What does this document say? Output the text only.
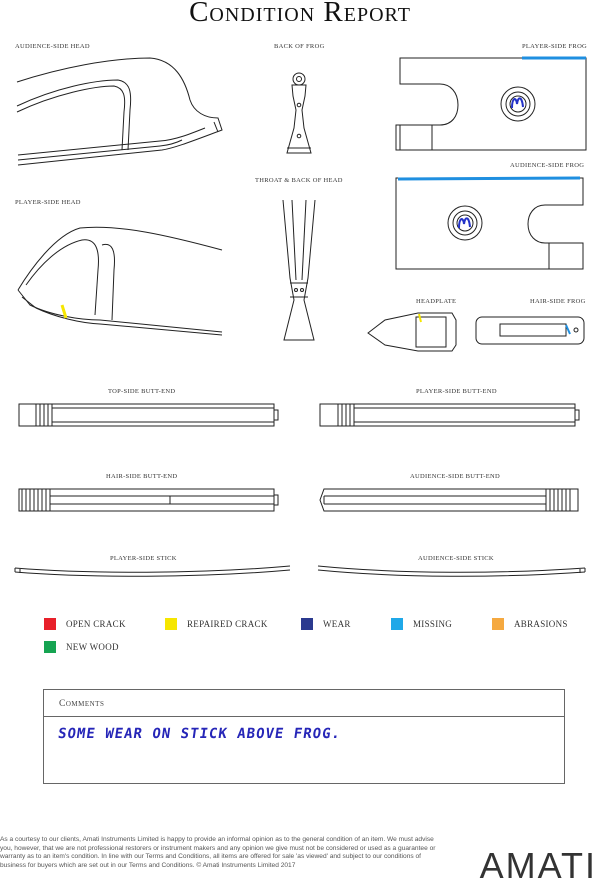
Condition Report
AUDIENCE-SIDE HEAD	BACK OF FROG	PLAYER-SIDE FROG
AUDIENCE-SIDE FROG
THROAT & BACK OF HEAD
PLAYER-SIDE HEAD
HEADPLATE	HAIR-SIDE FROG
TOP-SIDE BUTT-END	PLAYER-SIDE BUTT-END
HAIR-SIDE BUTT-END	AUDIENCE-SIDE BUTT-END
PLAYER-SIDE STICK	AUDIENCE-SIDE STICK
OPEN CRACK	REPAIRED CRACK	WEAR	MISSING	ABRASIONS
NEW WOOD
Comments
SOME WEAR ON STICK ABOVE FROG.
As a courtesy to our clients, Amati Instruments Limited is happy to provide an informal opinion as to the general condition of an item. We must advise you, however, that we are not professional restorers or instrument makers and any opinion we give must not be considered or used as a guarantee or warranty as to an item's condition. In line with our Terms and Conditions, all items are offered for sale 'as viewed' and subject to our conditions of business for buyers which are set out in our Terms and Conditions. © Amati Instruments Limited 2017	AMATI
